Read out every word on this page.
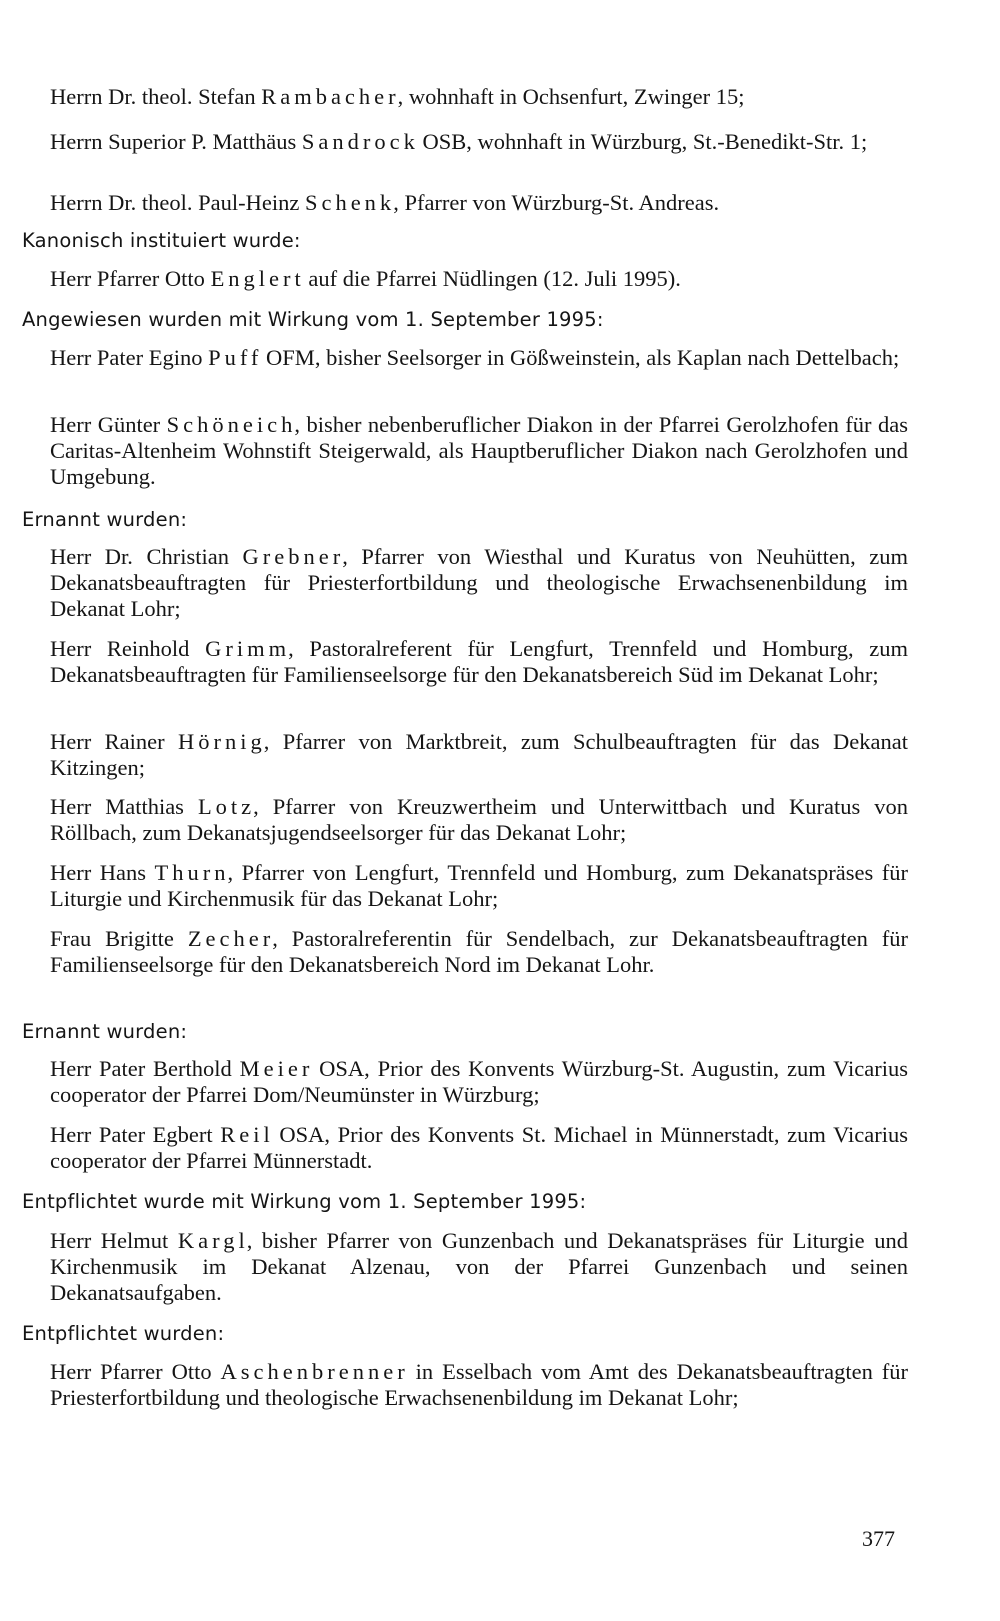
Herrn Dr. theol. Stefan Rambacher, wohnhaft in Ochsenfurt, Zwinger 15;

Herrn Superior P. Matthäus Sandrock OSB, wohnhaft in Würzburg, St.-Benedikt-Str. 1;

Herrn Dr. theol. Paul-Heinz Schenk, Pfarrer von Würzburg-St. Andreas.

Kanonisch instituiert wurde:

Herr Pfarrer Otto Englert auf die Pfarrei Nüdlingen (12. Juli 1995).

Angewiesen wurden mit Wirkung vom 1. September 1995:

Herr Pater Egino Puff OFM, bisher Seelsorger in Gößweinstein, als Kaplan nach Dettelbach;

Herr Günter Schöneich, bisher nebenberuflicher Diakon in der Pfarrei Gerolzhofen für das Caritas-Altenheim Wohnstift Steigerwald, als Hauptberuflicher Diakon nach Gerolzhofen und Umgebung.

Ernannt wurden:

Herr Dr. Christian Grebner, Pfarrer von Wiesthal und Kuratus von Neuhütten, zum Dekanatsbeauftragten für Priesterfortbildung und theologische Erwachsenenbildung im Dekanat Lohr;

Herr Reinhold Grimm, Pastoralreferent für Lengfurt, Trennfeld und Homburg, zum Dekanatsbeauftragten für Familienseelsorge für den Dekanatsbereich Süd im Dekanat Lohr;

Herr Rainer Hörnig, Pfarrer von Marktbreit, zum Schulbeauftragten für das Dekanat Kitzingen;

Herr Matthias Lotz, Pfarrer von Kreuzwertheim und Unterwittbach und Kuratus von Röllbach, zum Dekanatsjugendseelsorger für das Dekanat Lohr;

Herr Hans Thurn, Pfarrer von Lengfurt, Trennfeld und Homburg, zum Dekanatspräses für Liturgie und Kirchenmusik für das Dekanat Lohr;

Frau Brigitte Zecher, Pastoralreferentin für Sendelbach, zur Dekanatsbeauftragten für Familienseelsorge für den Dekanatsbereich Nord im Dekanat Lohr.

Ernannt wurden:

Herr Pater Berthold Meier OSA, Prior des Konvents Würzburg-St. Augustin, zum Vicarius cooperator der Pfarrei Dom/Neumünster in Würzburg;

Herr Pater Egbert Reil OSA, Prior des Konvents St. Michael in Münnerstadt, zum Vicarius cooperator der Pfarrei Münnerstadt.

Entpflichtet wurde mit Wirkung vom 1. September 1995:

Herr Helmut Kargl, bisher Pfarrer von Gunzenbach und Dekanatspräses für Liturgie und Kirchenmusik im Dekanat Alzenau, von der Pfarrei Gunzenbach und seinen Dekanatsaufgaben.

Entpflichtet wurden:

Herr Pfarrer Otto Aschenbrenner in Esselbach vom Amt des Dekanatsbeauftragten für Priesterfortbildung und theologische Erwachsenenbildung im Dekanat Lohr;

377
